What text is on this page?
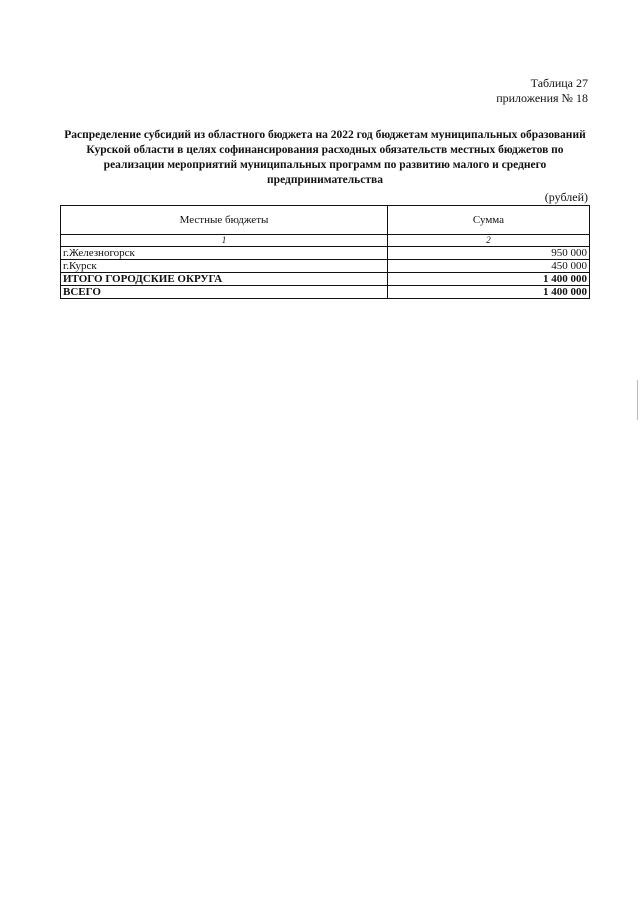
Таблица 27
приложения № 18
Распределение субсидий из областного бюджета на 2022 год бюджетам муниципальных образований Курской области в целях софинансирования расходных обязательств местных бюджетов по реализации мероприятий муниципальных программ по развитию малого и среднего предпринимательства
(рублей)
Местные бюджеты	Сумма
1	2
г.Железногорск	950 000
г.Курск	450 000
ИТОГО ГОРОДСКИЕ ОКРУГА	1 400 000
ВСЕГО	1 400 000
